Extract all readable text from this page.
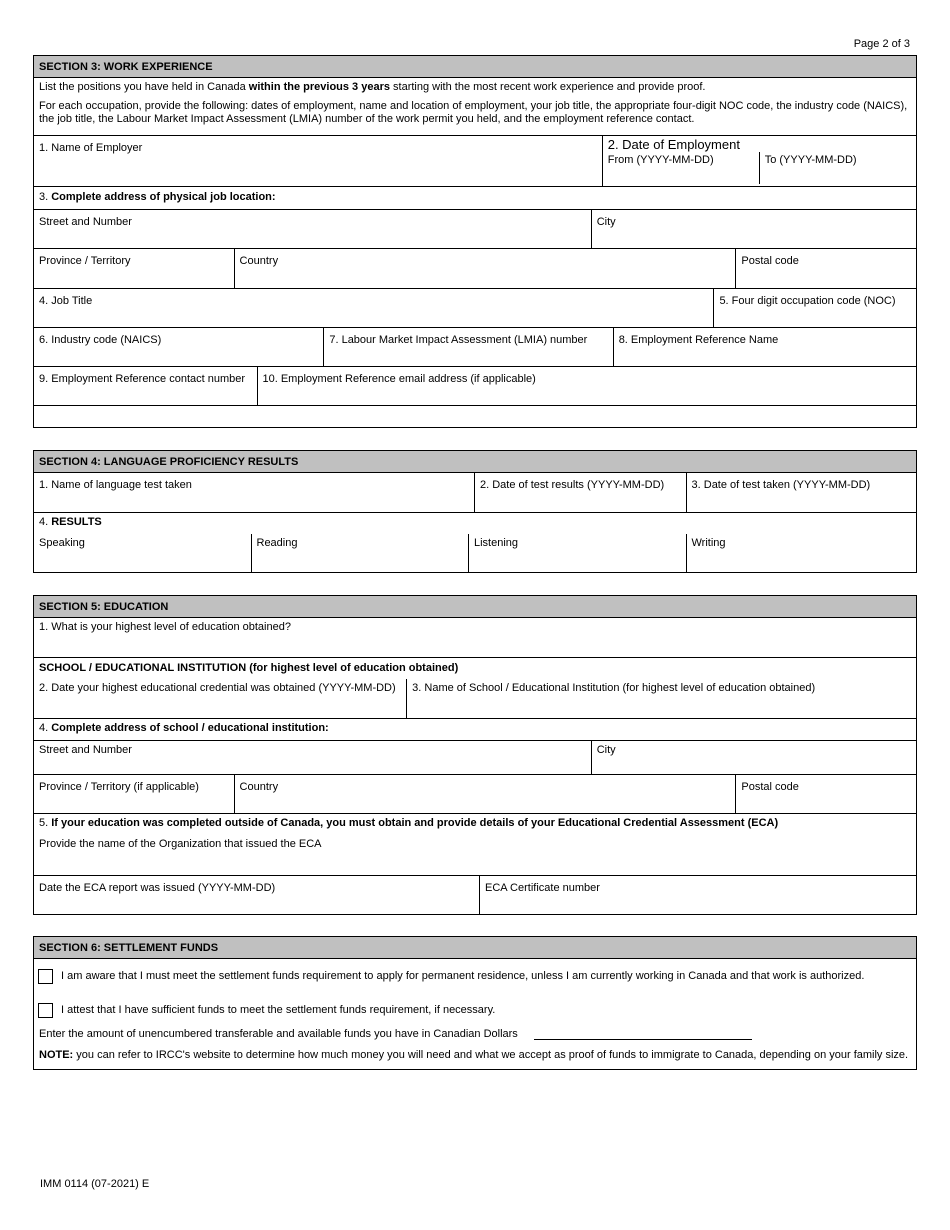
Page 2 of 3
SECTION 3: WORK EXPERIENCE
List the positions you have held in Canada within the previous 3 years starting with the most recent work experience and provide proof.
For each occupation, provide the following: dates of employment, name and location of employment, your job title, the appropriate four-digit NOC code, the industry code (NAICS), the job title, the Labour Market Impact Assessment (LMIA) number of the work permit you held, and the employment reference contact.
1. Name of Employer	2. Date of Employment
From (YYYY-MM-DD)	To (YYYY-MM-DD)
3. Complete address of physical job location:
Street and Number	City
Province / Territory	Country	Postal code
4. Job Title	5. Four digit occupation code (NOC)
6. Industry code (NAICS)	7. Labour Market Impact Assessment (LMIA) number	8. Employment Reference Name
9. Employment Reference contact number	10. Employment Reference email address (if applicable)
SECTION 4: LANGUAGE PROFICIENCY RESULTS
1. Name of language test taken	2. Date of test results (YYYY-MM-DD)	3. Date of test taken (YYYY-MM-DD)
4. RESULTS
Speaking	Reading	Listening	Writing
SECTION 5: EDUCATION
1. What is your highest level of education obtained?
SCHOOL / EDUCATIONAL INSTITUTION (for highest level of education obtained)
2. Date your highest educational credential was obtained (YYYY-MM-DD)	3. Name of School / Educational Institution (for highest level of education obtained)
4. Complete address of school / educational institution:
Street and Number	City
Province / Territory (if applicable)	Country	Postal code
5. If your education was completed outside of Canada, you must obtain and provide details of your Educational Credential Assessment (ECA)
Provide the name of the Organization that issued the ECA
Date the ECA report was issued (YYYY-MM-DD)	ECA Certificate number
SECTION 6: SETTLEMENT FUNDS
I am aware that I must meet the settlement funds requirement to apply for permanent residence, unless I am currently working in Canada and that work is authorized.
I attest that I have sufficient funds to meet the settlement funds requirement, if necessary.
Enter the amount of unencumbered transferable and available funds you have in Canadian Dollars
NOTE: you can refer to IRCC's website to determine how much money you will need and what we accept as proof of funds to immigrate to Canada, depending on your family size.
IMM 0114 (07-2021) E
